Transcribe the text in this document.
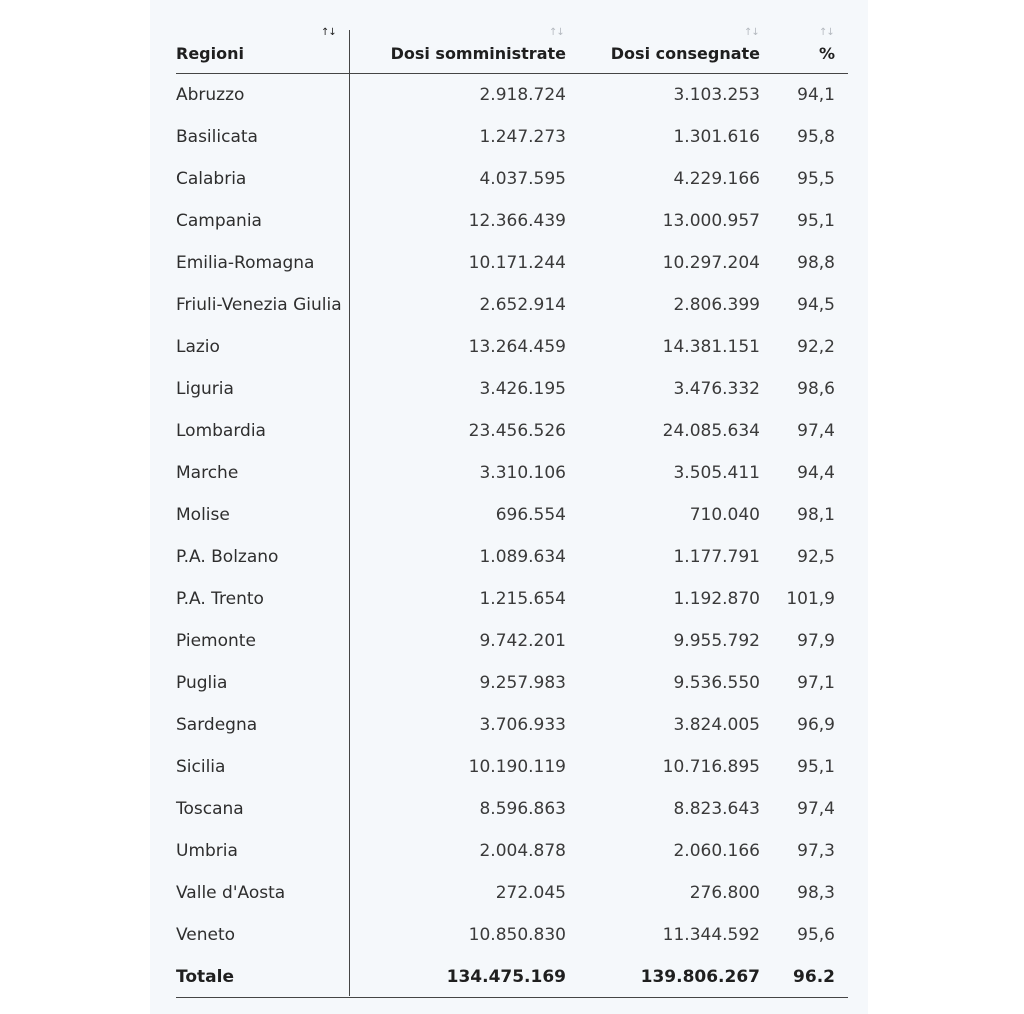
↑↓	↑↓	↑↓	↑↓
Regioni	Dosi somministrate	Dosi consegnate	%
Abruzzo	2.918.724	3.103.253	94,1
Basilicata	1.247.273	1.301.616	95,8
Calabria	4.037.595	4.229.166	95,5
Campania	12.366.439	13.000.957	95,1
Emilia-Romagna	10.171.244	10.297.204	98,8
Friuli-Venezia Giulia	2.652.914	2.806.399	94,5
Lazio	13.264.459	14.381.151	92,2
Liguria	3.426.195	3.476.332	98,6
Lombardia	23.456.526	24.085.634	97,4
Marche	3.310.106	3.505.411	94,4
Molise	696.554	710.040	98,1
P.A. Bolzano	1.089.634	1.177.791	92,5
P.A. Trento	1.215.654	1.192.870	101,9
Piemonte	9.742.201	9.955.792	97,9
Puglia	9.257.983	9.536.550	97,1
Sardegna	3.706.933	3.824.005	96,9
Sicilia	10.190.119	10.716.895	95,1
Toscana	8.596.863	8.823.643	97,4
Umbria	2.004.878	2.060.166	97,3
Valle d'Aosta	272.045	276.800	98,3
Veneto	10.850.830	11.344.592	95,6
Totale	134.475.169	139.806.267	96.2
